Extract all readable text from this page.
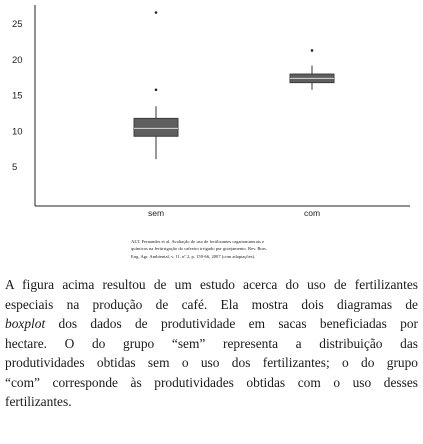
25
20
15
10
5
sem	com
ALT. Fernandes et al. Avaliação do uso de fertilizantes organominerais e
químicos na fertirrigação do cafeeiro irrigado por gotejamento. Rev. Bras.
Eng. Agr. Ambiental, v. 11, nº 2, p. 159-66, 2007 (com adaptações).
A figura acima resultou de um estudo acerca do uso de fertilizantes
especiais na produção de café. Ela mostra dois diagramas de
boxplot dos dados de produtividade em sacas beneficiadas por
hectare. O do grupo “sem” representa a distribuição das
produtividades obtidas sem o uso dos fertilizantes; o do grupo
“com” corresponde às produtividades obtidas com o uso desses
fertilizantes.
